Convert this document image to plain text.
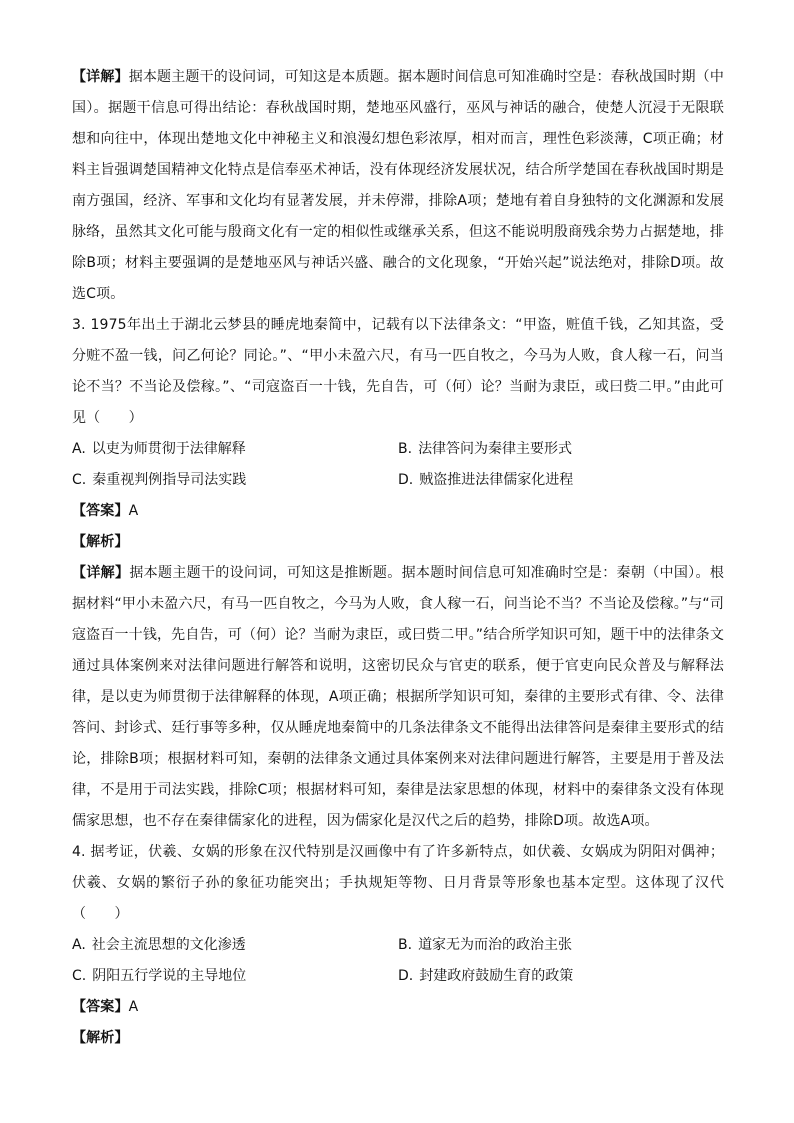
【详解】据本题主题干的设问词，可知这是本质题。据本题时间信息可知准确时空是：春秋战国时期（中国）。据题干信息可得出结论：春秋战国时期，楚地巫风盛行，巫风与神话的融合，使楚人沉浸于无限联想和向往中，体现出楚地文化中神秘主义和浪漫幻想色彩浓厚，相对而言，理性色彩淡薄，C项正确；材料主旨强调楚国精神文化特点是信奉巫术神话，没有体现经济发展状况，结合所学楚国在春秋战国时期是南方强国，经济、军事和文化均有显著发展，并未停滞，排除A项；楚地有着自身独特的文化渊源和发展脉络，虽然其文化可能与殷商文化有一定的相似性或继承关系，但这不能说明殷商残余势力占据楚地，排除B项；材料主要强调的是楚地巫风与神话兴盛、融合的文化现象，“开始兴起”说法绝对，排除D项。故选C项。

3. 1975年出土于湖北云梦县的睡虎地秦简中，记载有以下法律条文：“甲盗，赃值千钱，乙知其盗，受分赃不盈一钱，问乙何论？同论。”、“甲小未盈六尺，有马一匹自牧之，今马为人败，食人稼一石，问当论不当？不当论及偿稼。”、“司寇盗百一十钱，先自告，可（何）论？当耐为隶臣，或曰赀二甲。”由此可见（　　）

A. 以吏为师贯彻于法律解释	B. 法律答问为秦律主要形式
C. 秦重视判例指导司法实践	D. 贼盗推进法律儒家化进程

【答案】A

【解析】

【详解】据本题主题干的设问词，可知这是推断题。据本题时间信息可知准确时空是：秦朝（中国）。根据材料“甲小未盈六尺，有马一匹自牧之，今马为人败，食人稼一石，问当论不当？不当论及偿稼。”与“司寇盗百一十钱，先自告，可（何）论？当耐为隶臣，或曰赀二甲。”结合所学知识可知，题干中的法律条文通过具体案例来对法律问题进行解答和说明，这密切民众与官吏的联系，便于官吏向民众普及与解释法律，是以吏为师贯彻于法律解释的体现，A项正确；根据所学知识可知，秦律的主要形式有律、令、法律答问、封诊式、廷行事等多种，仅从睡虎地秦简中的几条法律条文不能得出法律答问是秦律主要形式的结论，排除B项；根据材料可知，秦朝的法律条文通过具体案例来对法律问题进行解答，主要是用于普及法律，不是用于司法实践，排除C项；根据材料可知，秦律是法家思想的体现，材料中的秦律条文没有体现儒家思想，也不存在秦律儒家化的进程，因为儒家化是汉代之后的趋势，排除D项。故选A项。

4. 据考证，伏羲、女娲的形象在汉代特别是汉画像中有了许多新特点，如伏羲、女娲成为阴阳对偶神；伏羲、女娲的繁衍子孙的象征功能突出；手执规矩等物、日月背景等形象也基本定型。这体现了汉代（　　）

A. 社会主流思想的文化渗透	B. 道家无为而治的政治主张
C. 阴阳五行学说的主导地位	D. 封建政府鼓励生育的政策

【答案】A

【解析】
